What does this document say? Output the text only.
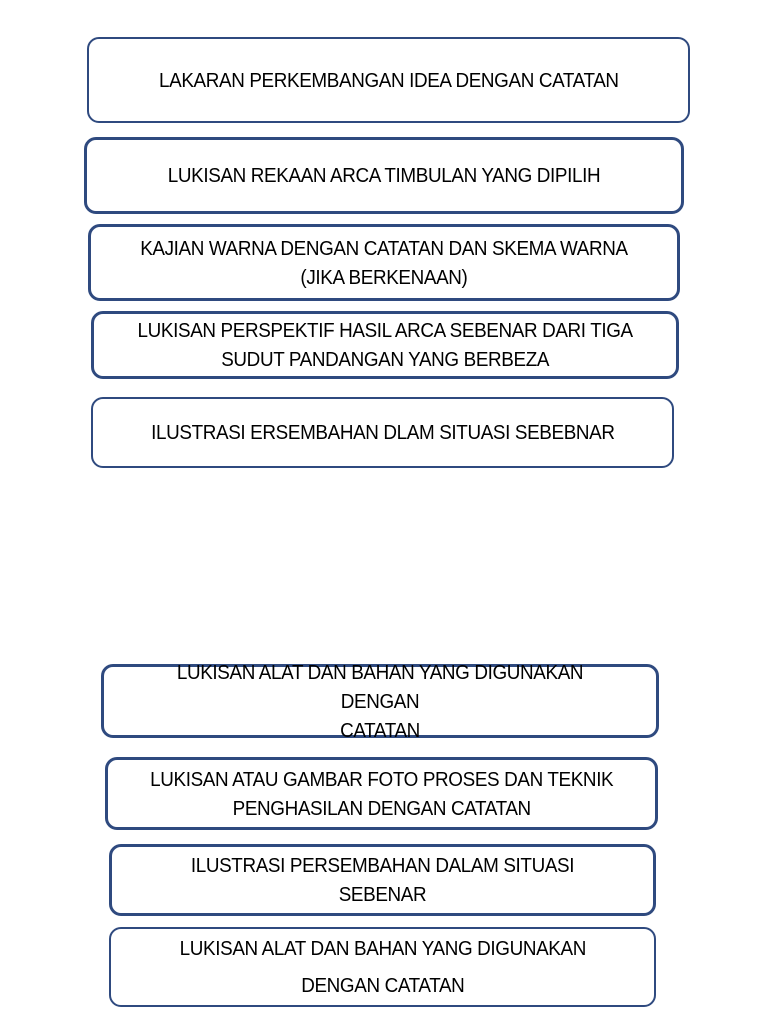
LAKARAN PERKEMBANGAN IDEA DENGAN CATATAN
LUKISAN REKAAN ARCA TIMBULAN YANG DIPILIH
KAJIAN WARNA DENGAN CATATAN DAN SKEMA WARNA
(JIKA BERKENAAN)
LUKISAN PERSPEKTIF HASIL ARCA SEBENAR DARI TIGA
SUDUT PANDANGAN YANG BERBEZA
ILUSTRASI ERSEMBAHAN DLAM SITUASI SEBEBNAR
LUKISAN ALAT DAN BAHAN YANG DIGUNAKAN DENGAN
CATATAN
LUKISAN ATAU GAMBAR FOTO PROSES DAN TEKNIK
PENGHASILAN DENGAN CATATAN
ILUSTRASI PERSEMBAHAN DALAM SITUASI SEBENAR
LUKISAN ALAT DAN BAHAN YANG DIGUNAKAN
DENGAN CATATAN
